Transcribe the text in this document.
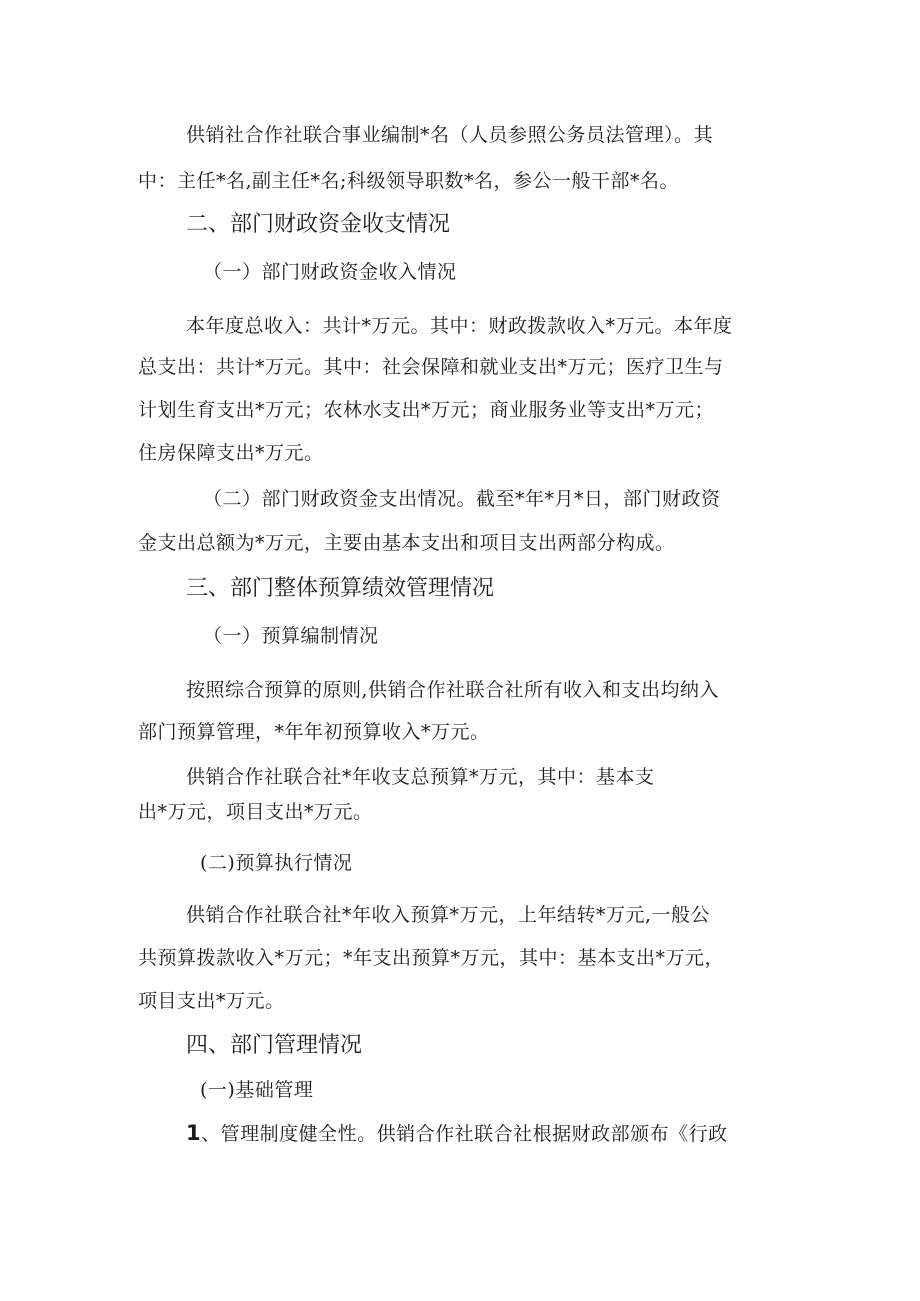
供销社合作社联合事业编制*名（人员参照公务员法管理）。其
中：主任*名,副主任*名;科级领导职数*名，参公一般干部*名。
二、部门财政资金收支情况
（一）部门财政资金收入情况
本年度总收入：共计*万元。其中：财政拨款收入*万元。本年度
总支出：共计*万元。其中：社会保障和就业支出*万元；医疗卫生与
计划生育支出*万元；农林水支出*万元；商业服务业等支出*万元；
住房保障支出*万元。
（二）部门财政资金支出情况。截至*年*月*日，部门财政资
金支出总额为*万元，主要由基本支出和项目支出两部分构成。
三、部门整体预算绩效管理情况
（一）预算编制情况
按照综合预算的原则,供销合作社联合社所有收入和支出均纳入
部门预算管理，*年年初预算收入*万元。
供销合作社联合社*年收支总预算*万元，其中：基本支
出*万元，项目支出*万元。
(二)预算执行情况
供销合作社联合社*年收入预算*万元，上年结转*万元,一般公
共预算拨款收入*万元；*年支出预算*万元，其中：基本支出*万元，
项目支出*万元。
四、部门管理情况
(一)基础管理
1、管理制度健全性。供销合作社联合社根据财政部颁布《行政
